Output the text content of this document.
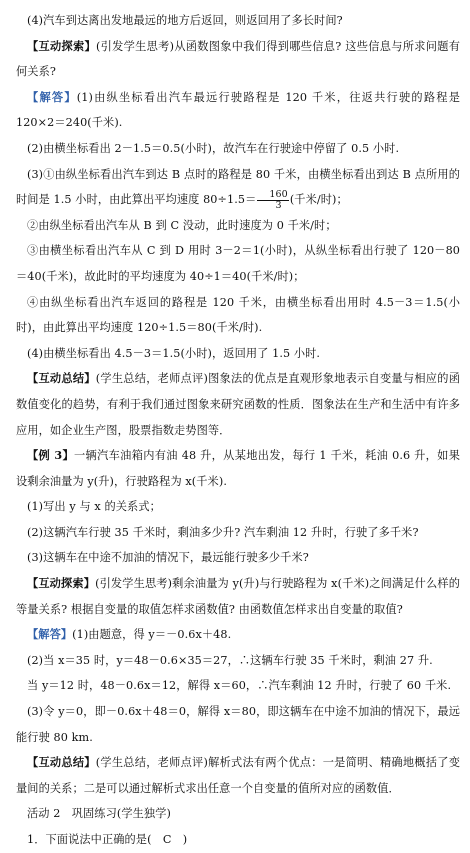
(4)汽车到达离出发地最远的地方后返回，则返回用了多长时间?

【互动探索】(引发学生思考)从函数图象中我们得到哪些信息? 这些信息与所求问题有何关系?

【解答】(1)由纵坐标看出汽车最远行驶路程是 120 千米，往返共行驶的路程是 120×2＝240(千米).

(2)由横坐标看出 2－1.5＝0.5(小时)，故汽车在行驶途中停留了 0.5 小时.

(3)①由纵坐标看出汽车到达 B 点时的路程是 80 千米，由横坐标看出到达 B 点所用的时间是 1.5 小时，由此算出平均速度 $80\div 1.5= \frac{160}{3}$ (千米/时)；

②由纵坐标看出汽车从 B 到 C 没动，此时速度为 0 千米/时；

③由横坐标看出汽车从 C 到 D 用时 3－2＝1(小时)，从纵坐标看出行驶了 120－80＝40(千米)，故此时的平均速度为 40÷1＝40(千米/时)；

④由纵坐标看出汽车返回的路程是 120 千米，由横坐标看出用时 4.5－3＝1.5(小时)，由此算出平均速度 120÷1.5＝80(千米/时).

(4)由横坐标看出 4.5－3＝1.5(小时)，返回用了 1.5 小时.

【互动总结】(学生总结，老师点评)图象法的优点是直观形象地表示自变量与相应的函数值变化的趋势，有利于我们通过图象来研究函数的性质．图象法在生产和生活中有许多应用，如企业生产图，股票指数走势图等．

【例 3】一辆汽车油箱内有油 48 升，从某地出发，每行 1 千米，耗油 0.6 升，如果设剩余油量为 y(升)，行驶路程为 x(千米).

(1)写出 y 与 x 的关系式；

(2)这辆汽车行驶 35 千米时，剩油多少升? 汽车剩油 12 升时，行驶了多千米?

(3)这辆车在中途不加油的情况下，最远能行驶多少千米?

【互动探索】(引发学生思考)剩余油量为 y(升)与行驶路程为 x(千米)之间满足什么样的等量关系? 根据自变量的取值怎样求函数值? 由函数值怎样求出自变量的取值?

【解答】(1)由题意，得 y＝－0.6x＋48.

(2)当 x＝35 时，y＝48－0.6×35＝27，∴这辆车行驶 35 千米时，剩油 27 升.

当 y＝12 时，48－0.6x＝12，解得 x＝60，∴汽车剩油 12 升时，行驶了 60 千米.

(3)令 y＝0，即－0.6x＋48＝0，解得 x＝80，即这辆车在中途不加油的情况下，最远能行驶 80 km.

【互动总结】(学生总结，老师点评)解析式法有两个优点：一是简明、精确地概括了变量间的关系；二是可以通过解析式求出任意一个自变量的值所对应的函数值．

活动 2　巩固练习(学生独学)

1．下面说法中正确的是(　C　)
